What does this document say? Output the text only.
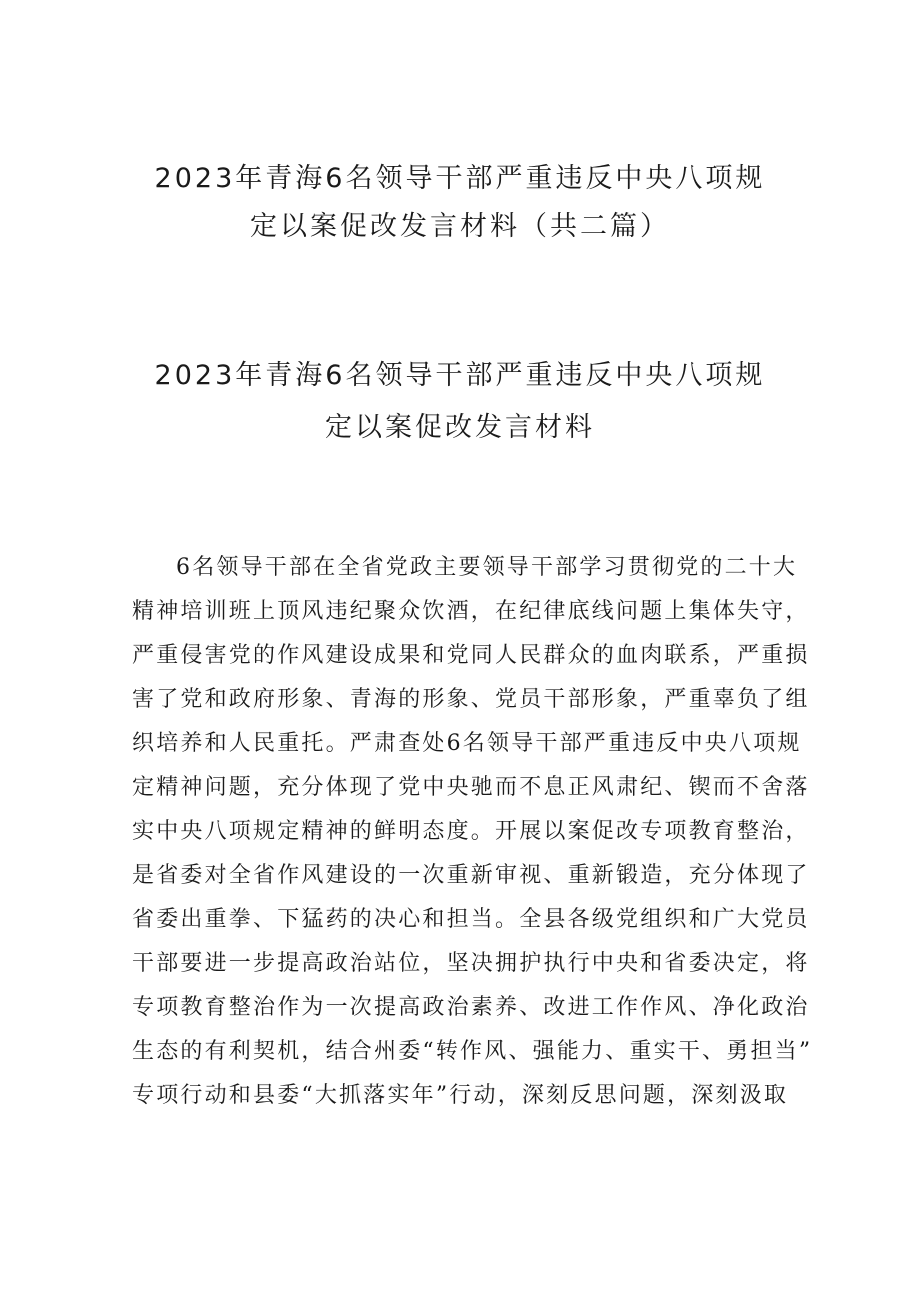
2023年青海6名领导干部严重违反中央八项规
定以案促改发言材料（共二篇）
2023年青海6名领导干部严重违反中央八项规
定以案促改发言材料
6名领导干部在全省党政主要领导干部学习贯彻党的二十大
精神培训班上顶风违纪聚众饮酒，在纪律底线问题上集体失守，
严重侵害党的作风建设成果和党同人民群众的血肉联系，严重损
害了党和政府形象、青海的形象、党员干部形象，严重辜负了组
织培养和人民重托。严肃查处6名领导干部严重违反中央八项规
定精神问题，充分体现了党中央驰而不息正风肃纪、锲而不舍落
实中央八项规定精神的鲜明态度。开展以案促改专项教育整治，
是省委对全省作风建设的一次重新审视、重新锻造，充分体现了
省委出重拳、下猛药的决心和担当。全县各级党组织和广大党员
干部要进一步提高政治站位，坚决拥护执行中央和省委决定，将
专项教育整治作为一次提高政治素养、改进工作作风、净化政治
生态的有利契机，结合州委“转作风、强能力、重实干、勇担当”
专项行动和县委“大抓落实年”行动，深刻反思问题，深刻汲取
